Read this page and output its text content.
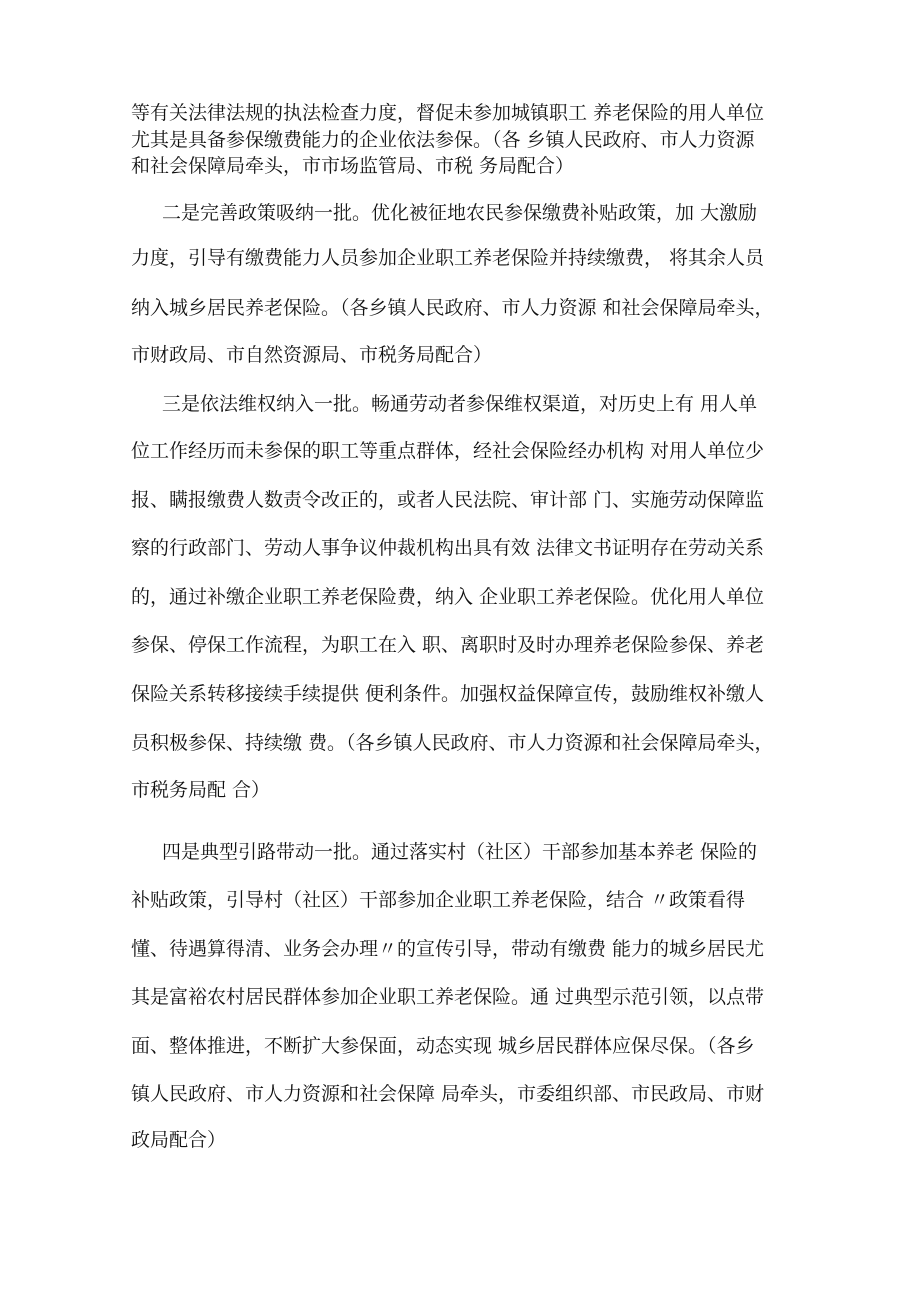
等有关法律法规的执法检查力度，督促未参加城镇职工 养老保险的用人单位
尤其是具备参保缴费能力的企业依法参保。（各 乡镇人民政府、市人力资源
和社会保障局牵头，市市场监管局、市税 务局配合）
二是完善政策吸纳一批。优化被征地农民参保缴费补贴政策，加 大激励
力度，引导有缴费能力人员参加企业职工养老保险并持续缴费， 将其余人员
纳入城乡居民养老保险。（各乡镇人民政府、市人力资源 和社会保障局牵头，
市财政局、市自然资源局、市税务局配合）
三是依法维权纳入一批。畅通劳动者参保维权渠道，对历史上有 用人单
位工作经历而未参保的职工等重点群体，经社会保险经办机构 对用人单位少
报、瞒报缴费人数责令改正的，或者人民法院、审计部 门、实施劳动保障监
察的行政部门、劳动人事争议仲裁机构出具有效 法律文书证明存在劳动关系
的，通过补缴企业职工养老保险费，纳入 企业职工养老保险。优化用人单位
参保、停保工作流程，为职工在入 职、离职时及时办理养老保险参保、养老
保险关系转移接续手续提供 便利条件。加强权益保障宣传，鼓励维权补缴人
员积极参保、持续缴 费。（各乡镇人民政府、市人力资源和社会保障局牵头，
市税务局配 合）
四是典型引路带动一批。通过落实村（社区）干部参加基本养老 保险的
补贴政策，引导村（社区）干部参加企业职工养老保险，结合 〃政策看得
懂、待遇算得清、业务会办理〃的宣传引导，带动有缴费 能力的城乡居民尤
其是富裕农村居民群体参加企业职工养老保险。通 过典型示范引领，以点带
面、整体推进，不断扩大参保面，动态实现 城乡居民群体应保尽保。（各乡
镇人民政府、市人力资源和社会保障 局牵头，市委组织部、市民政局、市财
政局配合）
